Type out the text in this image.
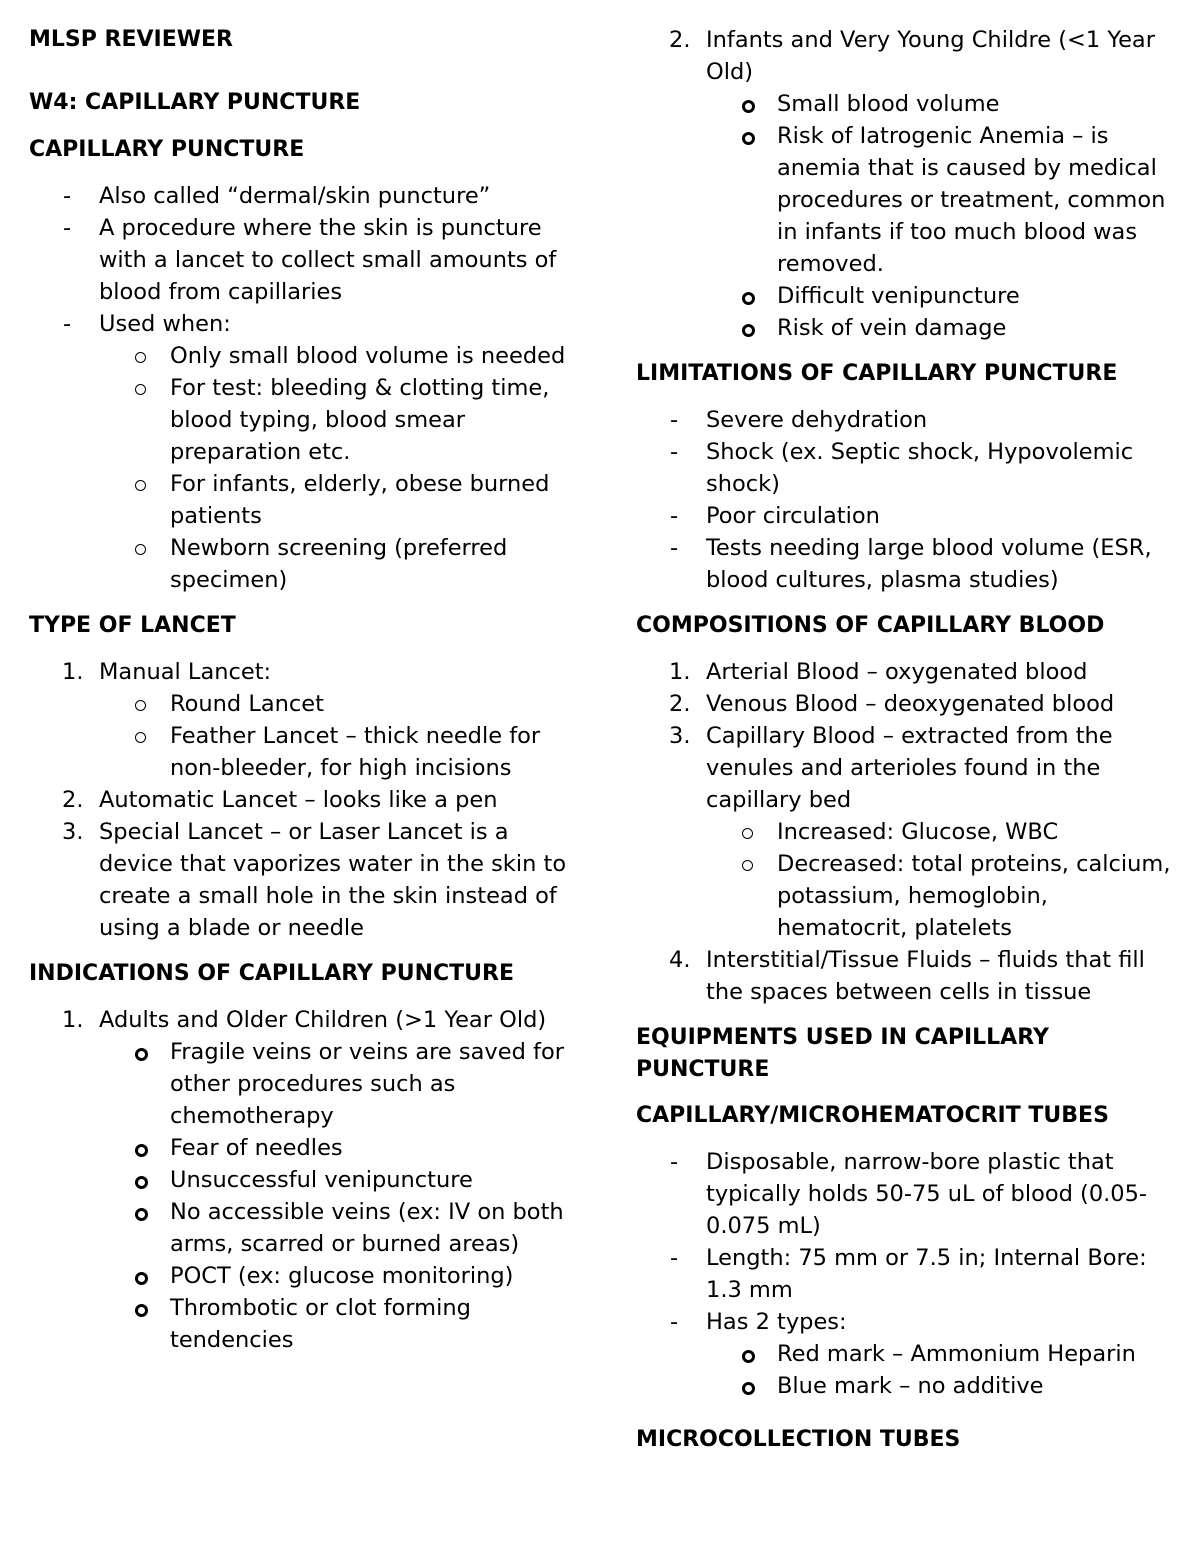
MLSP REVIEWER

W4: CAPILLARY PUNCTURE

CAPILLARY PUNCTURE

-	Also called “dermal/skin puncture”
-	A procedure where the skin is puncture with a lancet to collect small amounts of blood from capillaries
-	Used when:
Only small blood volume is needed
For test: bleeding & clotting time, blood typing, blood smear preparation etc.
For infants, elderly, obese burned patients
Newborn screening (preferred specimen)

TYPE OF LANCET

1. Manual Lancet:
Round Lancet
Feather Lancet – thick needle for non-bleeder, for high incisions
2. Automatic Lancet – looks like a pen
3. Special Lancet – or Laser Lancet is a device that vaporizes water in the skin to create a small hole in the skin instead of using a blade or needle

INDICATIONS OF CAPILLARY PUNCTURE

1. Adults and Older Children (>1 Year Old)
Fragile veins or veins are saved for other procedures such as chemotherapy
Fear of needles
Unsuccessful venipuncture
No accessible veins (ex: IV on both arms, scarred or burned areas)
POCT (ex: glucose monitoring)
Thrombotic or clot forming tendencies
2. Infants and Very Young Childre (<1 Year Old)
Small blood volume
Risk of Iatrogenic Anemia – is anemia that is caused by medical procedures or treatment, common in infants if too much blood was removed.
Difficult venipuncture
Risk of vein damage

LIMITATIONS OF CAPILLARY PUNCTURE

-	Severe dehydration
-	Shock (ex. Septic shock, Hypovolemic shock)
-	Poor circulation
-	Tests needing large blood volume (ESR, blood cultures, plasma studies)

COMPOSITIONS OF CAPILLARY BLOOD

1. Arterial Blood – oxygenated blood
2. Venous Blood – deoxygenated blood
3. Capillary Blood – extracted from the venules and arterioles found in the capillary bed
Increased: Glucose, WBC
Decreased: total proteins, calcium, potassium, hemoglobin, hematocrit, platelets
4. Interstitial/Tissue Fluids – fluids that fill the spaces between cells in tissue

EQUIPMENTS USED IN CAPILLARY PUNCTURE

CAPILLARY/MICROHEMATOCRIT TUBES

-	Disposable, narrow-bore plastic that typically holds 50-75 uL of blood (0.05-0.075 mL)
-	Length: 75 mm or 7.5 in; Internal Bore: 1.3 mm
-	Has 2 types:
Red mark – Ammonium Heparin
Blue mark – no additive

MICROCOLLECTION TUBES
